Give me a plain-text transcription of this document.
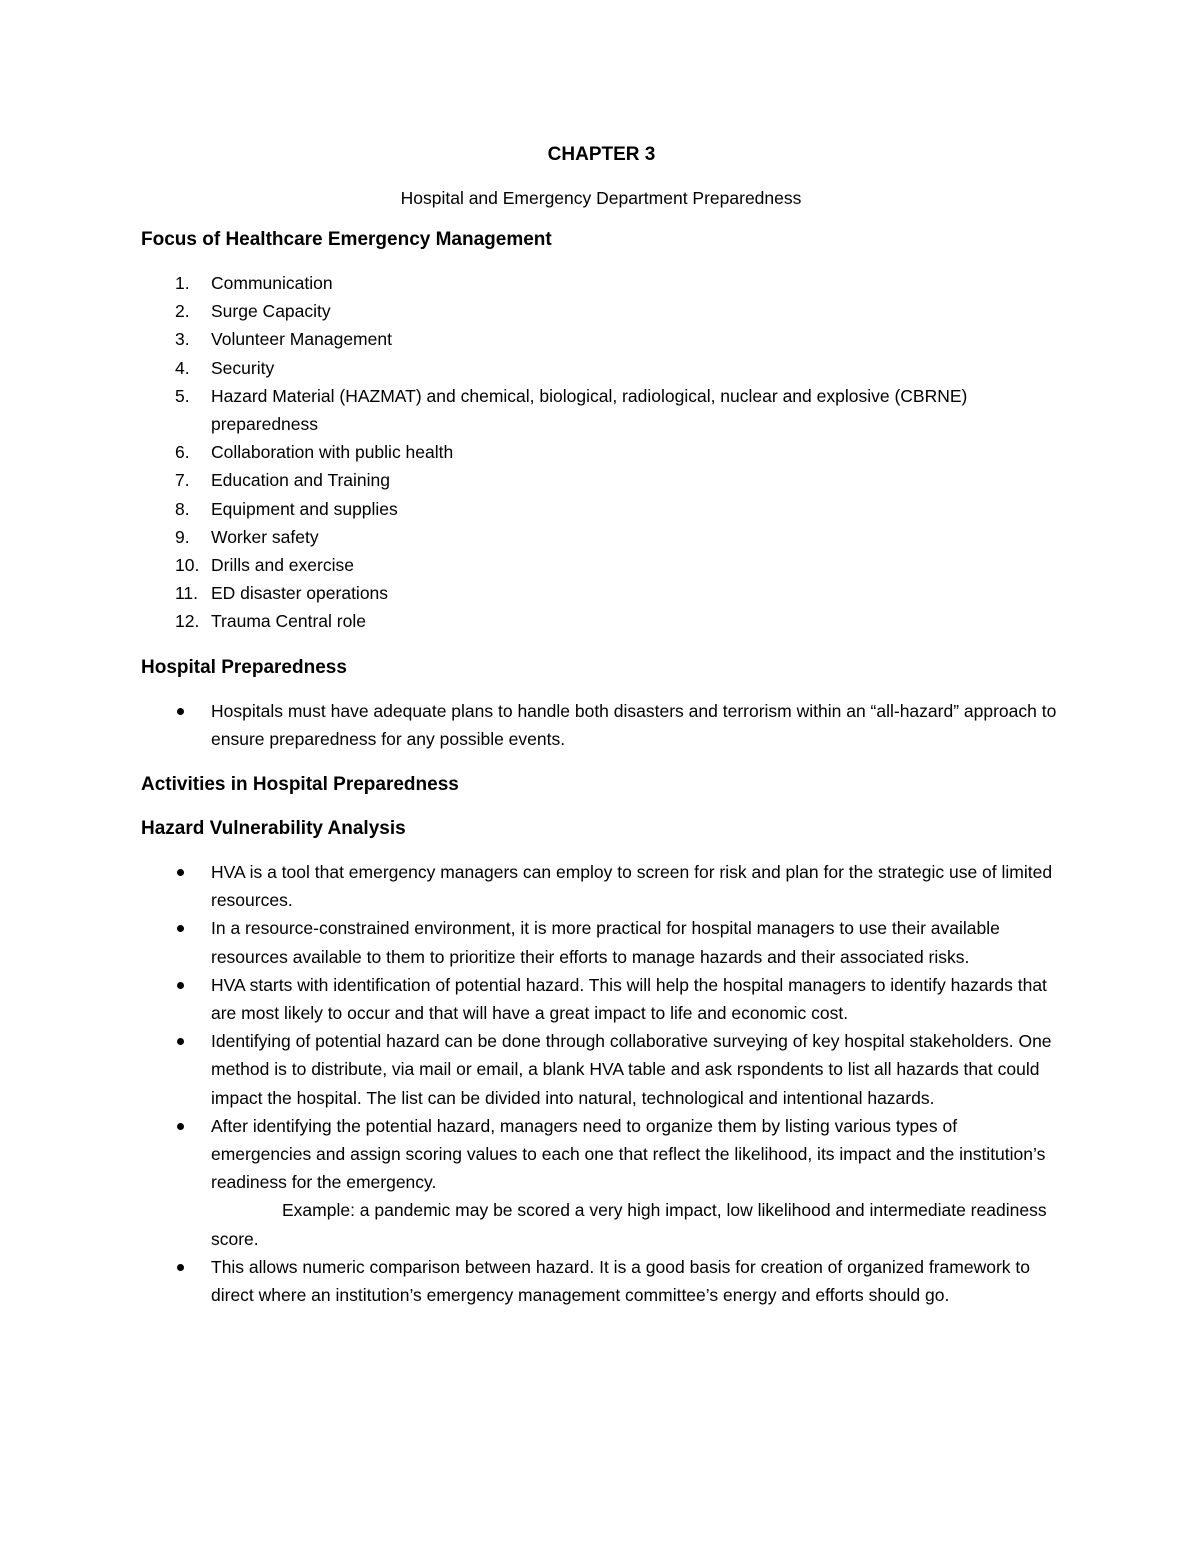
CHAPTER 3

Hospital and Emergency Department Preparedness

Focus of Healthcare Emergency Management
1.	Communication
2.	Surge Capacity
3.	Volunteer Management
4.	Security
5.	Hazard Material (HAZMAT) and chemical, biological, radiological, nuclear and explosive (CBRNE) preparedness
6.	Collaboration with public health
7.	Education and Training
8.	Equipment and supplies
9.	Worker safety
10. Drills and exercise
11. ED disaster operations
12. Trauma Central role
Hospital Preparedness
Hospitals must have adequate plans to handle both disasters and terrorism within an “all-hazard” approach to ensure preparedness for any possible events.
Activities in Hospital Preparedness
Hazard Vulnerability Analysis
HVA is a tool that emergency managers can employ to screen for risk and plan for the strategic use of limited resources.
In a resource-constrained environment, it is more practical for hospital managers to use their available resources available to them to prioritize their efforts to manage hazards and their associated risks.
HVA starts with identification of potential hazard. This will help the hospital managers to identify hazards that are most likely to occur and that will have a great impact to life and economic cost.
Identifying of potential hazard can be done through collaborative surveying of key hospital stakeholders. One method is to distribute, via mail or email, a blank HVA table and ask rspondents to list all hazards that could impact the hospital. The list can be divided into natural, technological and intentional hazards.
After identifying the potential hazard, managers need to organize them by listing various types of emergencies and assign scoring values to each one that reflect the likelihood, its impact and the institution’s readiness for the emergency.
Example: a pandemic may be scored a very high impact, low likelihood and intermediate readiness score.
This allows numeric comparison between hazard. It is a good basis for creation of organized framework to direct where an institution’s emergency management committee’s energy and efforts should go.
